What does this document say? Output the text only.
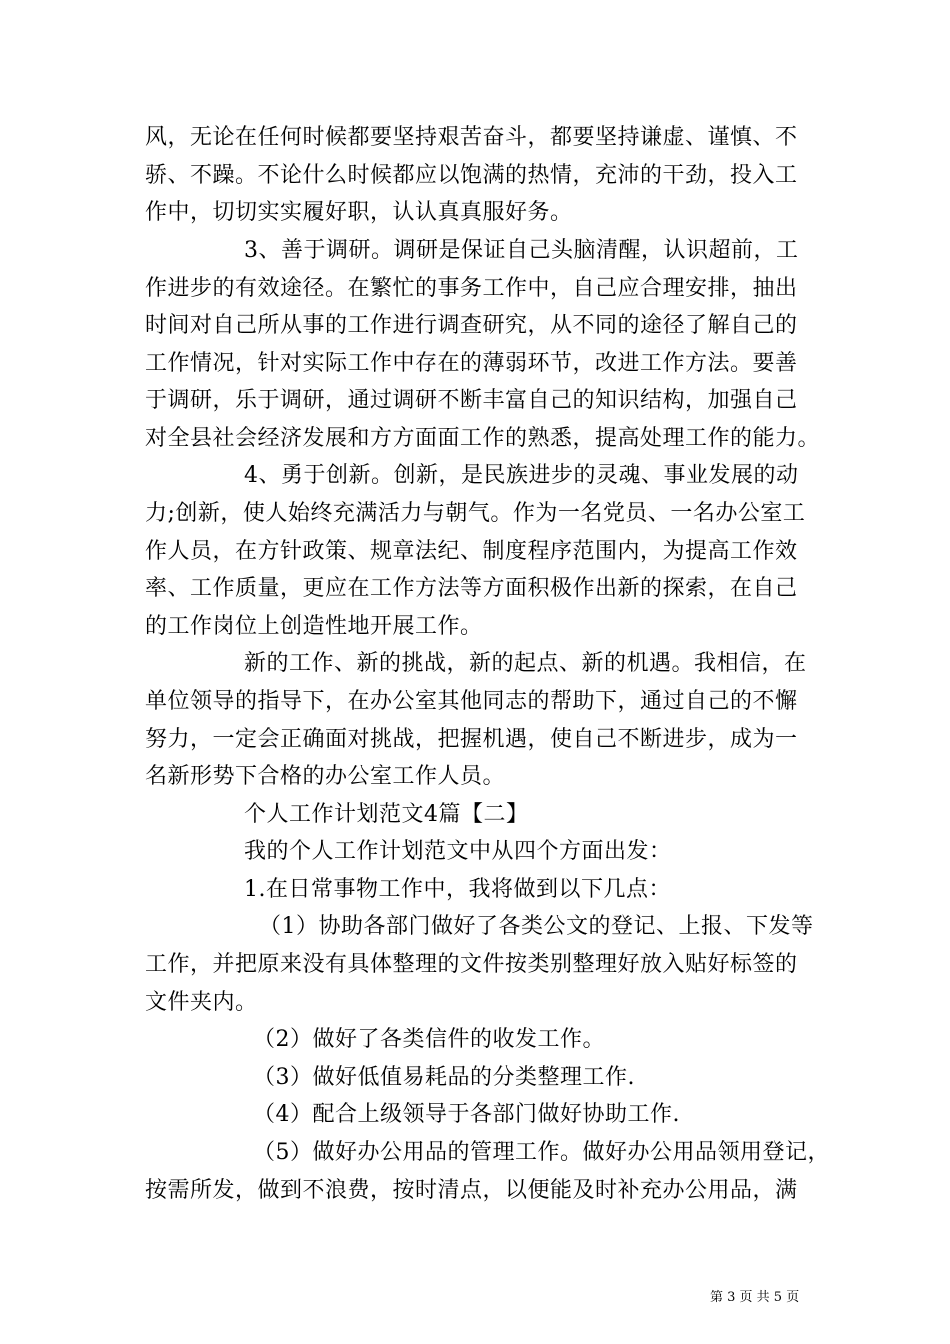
风，无论在任何时候都要坚持艰苦奋斗，都要坚持谦虚、谨慎、不
骄、不躁。不论什么时候都应以饱满的热情，充沛的干劲，投入工
作中，切切实实履好职，认认真真服好务。
3、善于调研。调研是保证自己头脑清醒，认识超前，工
作进步的有效途径。在繁忙的事务工作中，自己应合理安排，抽出
时间对自己所从事的工作进行调查研究，从不同的途径了解自己的
工作情况，针对实际工作中存在的薄弱环节，改进工作方法。要善
于调研，乐于调研，通过调研不断丰富自己的知识结构，加强自己
对全县社会经济发展和方方面面工作的熟悉，提高处理工作的能力。
4、勇于创新。创新，是民族进步的灵魂、事业发展的动
力;创新，使人始终充满活力与朝气。作为一名党员、一名办公室工
作人员，在方针政策、规章法纪、制度程序范围内，为提高工作效
率、工作质量，更应在工作方法等方面积极作出新的探索，在自己
的工作岗位上创造性地开展工作。
新的工作、新的挑战，新的起点、新的机遇。我相信，在
单位领导的指导下，在办公室其他同志的帮助下，通过自己的不懈
努力，一定会正确面对挑战，把握机遇，使自己不断进步，成为一
名新形势下合格的办公室工作人员。
个人工作计划范文4篇【二】
我的个人工作计划范文中从四个方面出发：
1.在日常事物工作中，我将做到以下几点：
（1）协助各部门做好了各类公文的登记、上报、下发等
工作，并把原来没有具体整理的文件按类别整理好放入贴好标签的
文件夹内。
（2）做好了各类信件的收发工作。
（3）做好低值易耗品的分类整理工作.
（4）配合上级领导于各部门做好协助工作.
（5）做好办公用品的管理工作。做好办公用品领用登记，
按需所发，做到不浪费，按时清点，以便能及时补充办公用品，满
第 3 页 共 5 页
